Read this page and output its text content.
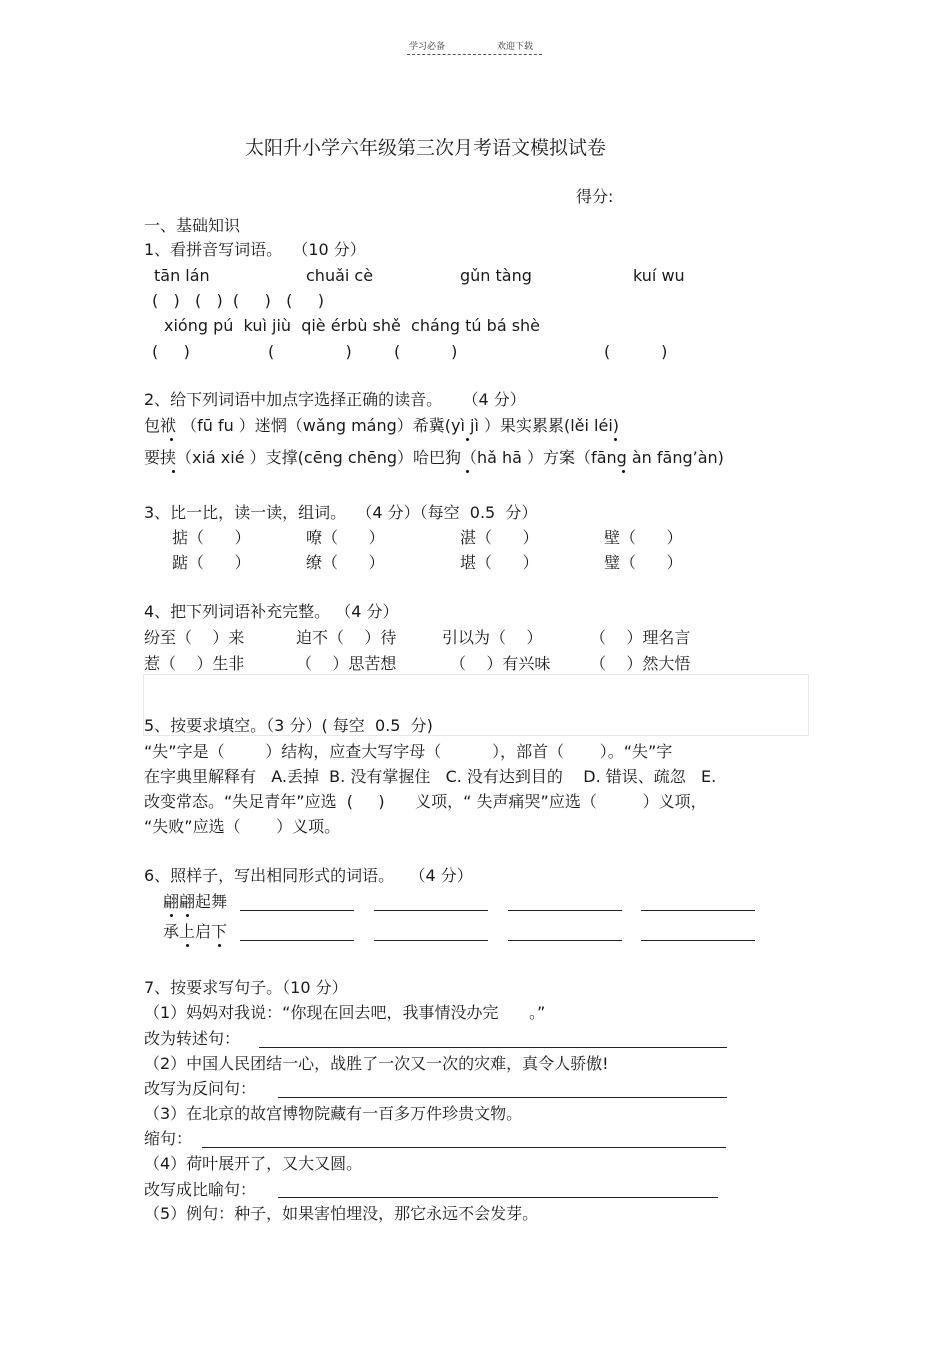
学习必备	欢迎下载
太阳升小学六年级第三次月考语文模拟试卷
得分:
一、基础知识
1、看拼音写词语。  （10 分）
tān lán	chuǎi cè	gǔn tàng	kuí wu
(   )   (   )  (     )   (     )
xióng pú  kuì jiù  qiè érbù shě  cháng tú bá shè
(     )	(              )	(          )	(          )
2、给下列词语中加点字选择正确的读音。    （4 分）
包袱 （fū fu ）迷惘（wǎng máng）希冀(yì jì ）果实累累(lěi léi)
要挟（xiá xié ）支撑(cēng chēng）哈巴狗（hǎ hā ）方案（fāng àn fāng’àn)
3、比一比，读一读，组词。  （4 分）（每空  0.5  分）
掂（      ）	嘹（      ）	湛（      ）	壁（      ）
踮（      ）	缭（      ）	堪（      ）	璧（      ）
4、把下列词语补充完整。 （4 分）
纷至（    ）来	迫不（    ）待	引以为（    ）	（    ）理名言
惹（    ）生非	（    ）思苦想	（    ）有兴味 （    ）然大悟
5、按要求填空。（3 分）( 每空  0.5  分)
“失”字是（        ）结构，应查大写字母（          ），部首（       ）。“失”字
在字典里解释有   A.丢掉  B. 没有掌握住   C. 没有达到目的    D. 错误、疏忽   E.
改变常态。“失足青年”应选  (     )      义项，“ 失声痛哭”应选（         ）义项，
“失败”应选（       ）义项。
6、照样子，写出相同形式的词语。   （4 分）
翩翩起舞
承上启下
7、按要求写句子。（10 分）
（1）妈妈对我说：“你现在回去吧，我事情没办完      。”
改为转述句：
（2）中国人民团结一心，战胜了一次又一次的灾难，真令人骄傲!
改写为反问句：
（3）在北京的故宫博物院藏有一百多万件珍贵文物。
缩句：
（4）荷叶展开了，又大又圆。
改写成比喻句：
（5）例句：种子，如果害怕埋没，那它永远不会发芽。
